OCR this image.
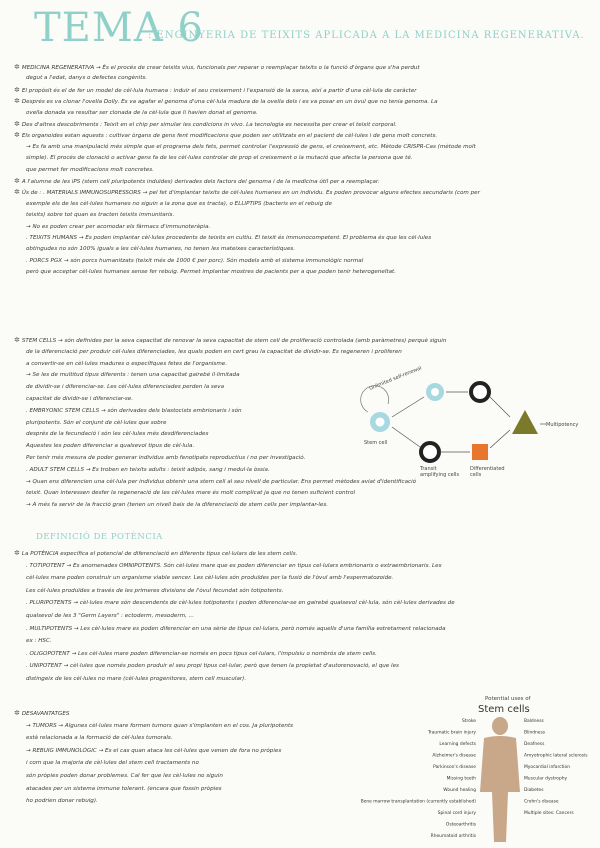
TEMA 6
: ENGINYERIA DE TEIXITS APLICADA A LA MEDICINA REGENERATIVA.
✲ MEDICINA REGENERATIVA → És el procés de crear teixits vius, funcionals per reparar o reemplaçar teixits o la funció d'òrgans que s'ha perdut
degut a l'edat, danys o defectes congènits.
✲ El propòsit és el de fer un model de cèl·lula humana : induir el seu creixement i l'expansió de la xarxa, així a partir d'una cèl·lula de caràcter
✲ Després es va clonar l'ovella Dolly. Es va agafar el genoma d'una cèl·lula madura de la ovella dels i es va posar en un òvul que no tenia genoma. La
ovella donada va resultar ser clonada de la cèl·lula que li havien donat el genoma.
✲ Des d'altres descobriments : Teixit en el chip per simular les condicions in vivo. La tecnologia es necessita per crear el teixit corporal.
✲ Els organoides estan aquests : cultivar òrgans de gens fent modificacions que poden ser utilitzats en el pacient de cèl·lules i de gens molt concrets.
→ Es fa amb una manipulació més simple que el programa dels fets, permet controlar l'expressió de gens, el creixement, etc. Mètode CRISPR-Cas (mètode molt
simple). El procés de clonació o activar gens fa de les cèl·lules controlar de prop el creixement o la mutació que afecta la persona que té.
que permet fer modificacions molt concretes.
✲ A l'alumne de les iPS (stem cell pluripotents induïdes) derivades dels factors del genoma i de la medicina útil per a reemplaçar.
✲ Ús de : . MATERIALS IMMUNOSUPRESSORS → pel fet d'implantar teixits de cèl·lules humanes en un individu. Es poden provocar alguns efectes secundaris (com per
exemple els de les cèl·lules humanes no siguin a la zona que es tracta), o ELLIPTIPS (bacteris en el rebuig de
teixits) sobre tot quan es tracten teixits immunitaris.
→ No es poden crear per acomodar els fàrmacs d'immunoteràpia.
. TEIXITS HUMANS → Es poden implantar cèl·lules procedents de teixits en cultiu. El teixit és immunocompetent. El problema és que les cèl·lules
obtingudes no són 100% iguals a les cèl·lules humanes, no tenen les mateixes característiques.
. PORCS PGX → són porcs humanitzats (teixit més de 1000 € per porc). Són models amb el sistema immunològic normal
però que acceptar cèl·lules humanes sense fer rebuig. Permet implantar mostres de pacients per a que poden tenir heterogeneïtat.
✲ STEM CELLS → són definides per la seva capacitat de renovar la seva capacitat de stem cell de proliferació controlada (amb paràmetres) perquè siguin
de la diferenciació per produir cèl·lules diferenciades, les quals poden en cert grau la capacitat de dividir-se. Es regeneren i proliferen
a convertir-se en cèl·lules madures o específiques fetes de l'organisme.
→ Se les de multitud tipus diferents : tenen una capacitat gairebé il·limitada
de dividir-se i diferenciar-se. Les cèl·lules diferenciades perden la seva
capacitat de dividir-se i diferenciar-se.
. EMBRYONIC STEM CELLS → són derivades dels blastocists embrionaris i són
pluripotents. Són el conjunt de cèl·lules que sobre
després de la fecundació i són les cèl·lules més desdiferenciades
Aquestes les poden diferenciar a qualsevol tipus de cèl·lula.
Per tenir més mesura de poder generar individus amb fenotipats reproductius i no per investigació.
. ADULT STEM CELLS → Es troben en teixits adults : teixit adipós, sang i medul·la òssia.
→ Quan ens diferencien una cèl·lula per individus obtenir una stem cell al seu nivell de particular. Ens permet mètodes aviat d'identificació
teixit. Quan interessen desfer la regeneració de les cèl·lules mare és molt complicat ja que no tenen suficient control
→ A més fa servir de la fracció gran (tenen un nivell baix de la diferenciació de stem cells per implantar-les.
DEFINICIÓ DE POTÈNCIA
✲ La POTÈNCIA específica el potencial de diferenciació en diferents tipus cel·lulars de les stem cells.
. TOTIPOTENT → Es anomenades OMNIPOTENTS. Són cèl·lules mare que es poden diferenciar en tipus cel·lulars embrionaris o extraembrionaris. Les
cèl·lules mare poden construir un organisme viable sencer. Les cèl·lules són produïdes per la fusió de l'òvul amb l'espermatozoide.
Les cèl·lules produïdes a través de les primeres divisions de l'òvul fecundat són totipotents.
. PLURIPOTENTS → cèl·lules mare són descendents de cèl·lules totipotents i poden diferenciar-se en gairebé qualsevol cèl·lula, són cèl·lules derivades de
qualsevol de les 3 "Germ Layers" : ectoderm, mesoderm, ...
. MULTIPOTENTS → Les cèl·lules mare es poden diferenciar en una sèrie de tipus cel·lulars, però només aquells d'una família estretament relacionada
ex : HSC.
. OLIGOPOTENT → Les cèl·lules mare poden diferenciar-se només en pocs tipus cel·lulars, l'impulsiu o nombrós de stem cells.
. UNIPOTENT → cèl·lules que només poden produir el seu propi tipus cel·lular, però que tenen la propietat d'autorenovació, el que les
distingeix de les cèl·lules no mare (cèl·lules progenitores, stem cell muscular).
✲ DESAVANTATGES
→ TUMORS → Algunes cèl·lules mare formen tumors quan s'implanten en el cos. Ja pluripotents
està relacionada a la formació de cèl·lules tumorals.
→ REBUIG IMMUNOLÒGIC → Es el cas quan ataca les cèl·lules que venen de fora no pròpies
i com que la majoria de cèl·lules del stem cell tractaments no
són pròpies poden donar problemes. Cal fer que les cèl·lules no siguin
atacades per un sistema immune tolerant. (encara que fossin pròpies
ho podrien donar rebuig).
Unlimited self-renewal
Stem cell
Multipotency
Transit
amplifying cells
Differentiated
cells
Potential uses of
Stem cells
Stroke
Traumatic brain injury
Learning defects
Alzheimer's disease
Parkinson's disease
Missing teeth
Wound healing
Bone marrow transplantation (currently established)
Spinal cord injury
Osteoarthritis
Rheumatoid arthritis
Baldness
Blindness
Deafness
Amyotrophic lateral sclerosis
Myocardial infarction
Muscular dystrophy
Diabetes
Crohn's disease
Multiple sites: Cancers
